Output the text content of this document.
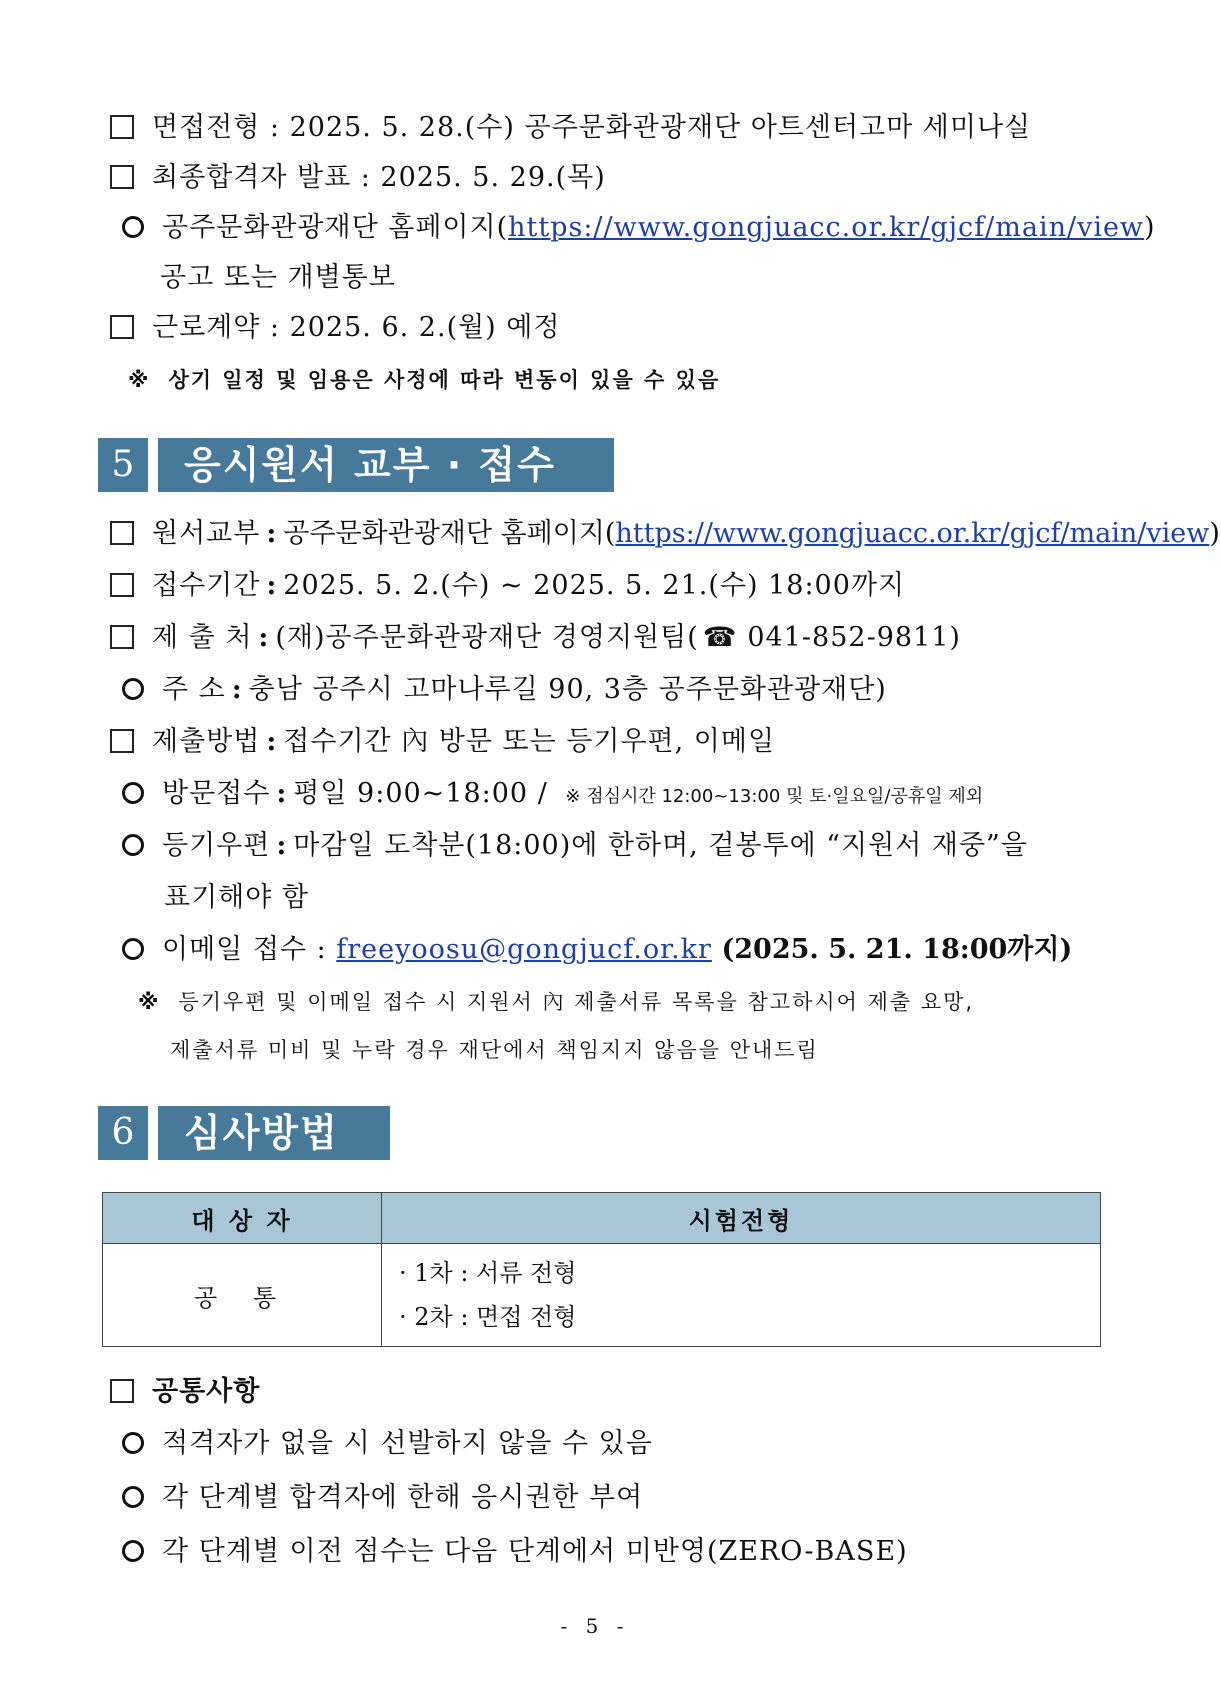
면접전형 : 2025. 5. 28.(수) 공주문화관광재단 아트센터고마 세미나실
최종합격자 발표 : 2025. 5. 29.(목)
공주문화관광재단 홈페이지(https://www.gongjuacc.or.kr/gjcf/main/view)
공고 또는 개별통보
근로계약 : 2025. 6. 2.(월) 예정
※ 상기 일정 및 임용은 사정에 따라 변동이 있을 수 있음
5	응시원서 교부 · 접수
원서교부 : 공주문화관광재단 홈페이지(https://www.gongjuacc.or.kr/gjcf/main/view)
접수기간 : 2025. 5. 2.(수) ~ 2025. 5. 21.(수) 18:00까지
제 출 처 : (재)공주문화관광재단 경영지원팀( ☎ 041-852-9811)
주 소 : 충남 공주시 고마나루길 90, 3층 공주문화관광재단)
제출방법 : 접수기간 內 방문 또는 등기우편, 이메일
방문접수 : 평일 9:00~18:00 / ※ 점심시간 12:00~13:00 및 토·일요일/공휴일 제외
등기우편 : 마감일 도착분(18:00)에 한하며, 겉봉투에 “지원서 재중”을
표기해야 함
이메일 접수 : freeyoosu@gongjucf.or.kr (2025. 5. 21. 18:00까지)
※ 등기우편 및 이메일 접수 시 지원서 內 제출서류 목록을 참고하시어 제출 요망,
제출서류 미비 및 누락 경우 재단에서 책임지지 않음을 안내드림
6	심사방법
대 상 자	시험전형
공 통	· 1차 : 서류 전형
· 2차 : 면접 전형
공통사항
적격자가 없을 시 선발하지 않을 수 있음
각 단계별 합격자에 한해 응시권한 부여
각 단계별 이전 점수는 다음 단계에서 미반영(ZERO-BASE)
- 5 -
